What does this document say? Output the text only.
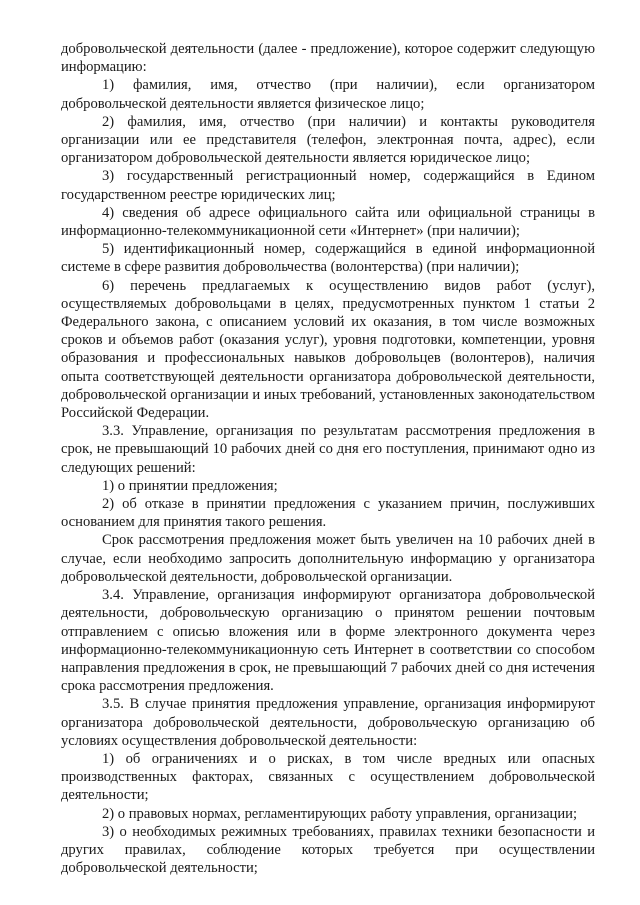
добровольческой деятельности (далее - предложение), которое содержит следующую информацию:

1) фамилия, имя, отчество (при наличии), если организатором добровольческой деятельности является физическое лицо;

2) фамилия, имя, отчество (при наличии) и контакты руководителя организации или ее представителя (телефон, электронная почта, адрес), если организатором добровольческой деятельности является юридическое лицо;

3) государственный регистрационный номер, содержащийся в Едином государственном реестре юридических лиц;

4) сведения об адресе официального сайта или официальной страницы в информационно-телекоммуникационной сети «Интернет» (при наличии);

5) идентификационный номер, содержащийся в единой информационной системе в сфере развития добровольчества (волонтерства) (при наличии);

6) перечень предлагаемых к осуществлению видов работ (услуг), осуществляемых добровольцами в целях, предусмотренных пунктом 1 статьи 2 Федерального закона, с описанием условий их оказания, в том числе возможных сроков и объемов работ (оказания услуг), уровня подготовки, компетенции, уровня образования и профессиональных навыков добровольцев (волонтеров), наличия опыта соответствующей деятельности организатора добровольческой деятельности, добровольческой организации и иных требований, установленных законодательством Российской Федерации.

3.3. Управление, организация по результатам рассмотрения предложения в срок, не превышающий 10 рабочих дней со дня его поступления, принимают одно из следующих решений:

1) о принятии предложения;

2) об отказе в принятии предложения с указанием причин, послуживших основанием для принятия такого решения.

Срок рассмотрения предложения может быть увеличен на 10 рабочих дней в случае, если необходимо запросить дополнительную информацию у организатора добровольческой деятельности, добровольческой организации.

3.4. Управление, организация информируют организатора добровольческой деятельности, добровольческую организацию о принятом решении почтовым отправлением с описью вложения или в форме электронного документа через информационно-телекоммуникационную сеть Интернет в соответствии со способом направления предложения в срок, не превышающий 7 рабочих дней со дня истечения срока рассмотрения предложения.

3.5. В случае принятия предложения управление, организация информируют организатора добровольческой деятельности, добровольческую организацию об условиях осуществления добровольческой деятельности:

1) об ограничениях и о рисках, в том числе вредных или опасных производственных факторах, связанных с осуществлением добровольческой деятельности;

2) о правовых нормах, регламентирующих работу управления, организации;

3) о необходимых режимных требованиях, правилах техники безопасности и других правилах, соблюдение которых требуется при осуществлении добровольческой деятельности;
